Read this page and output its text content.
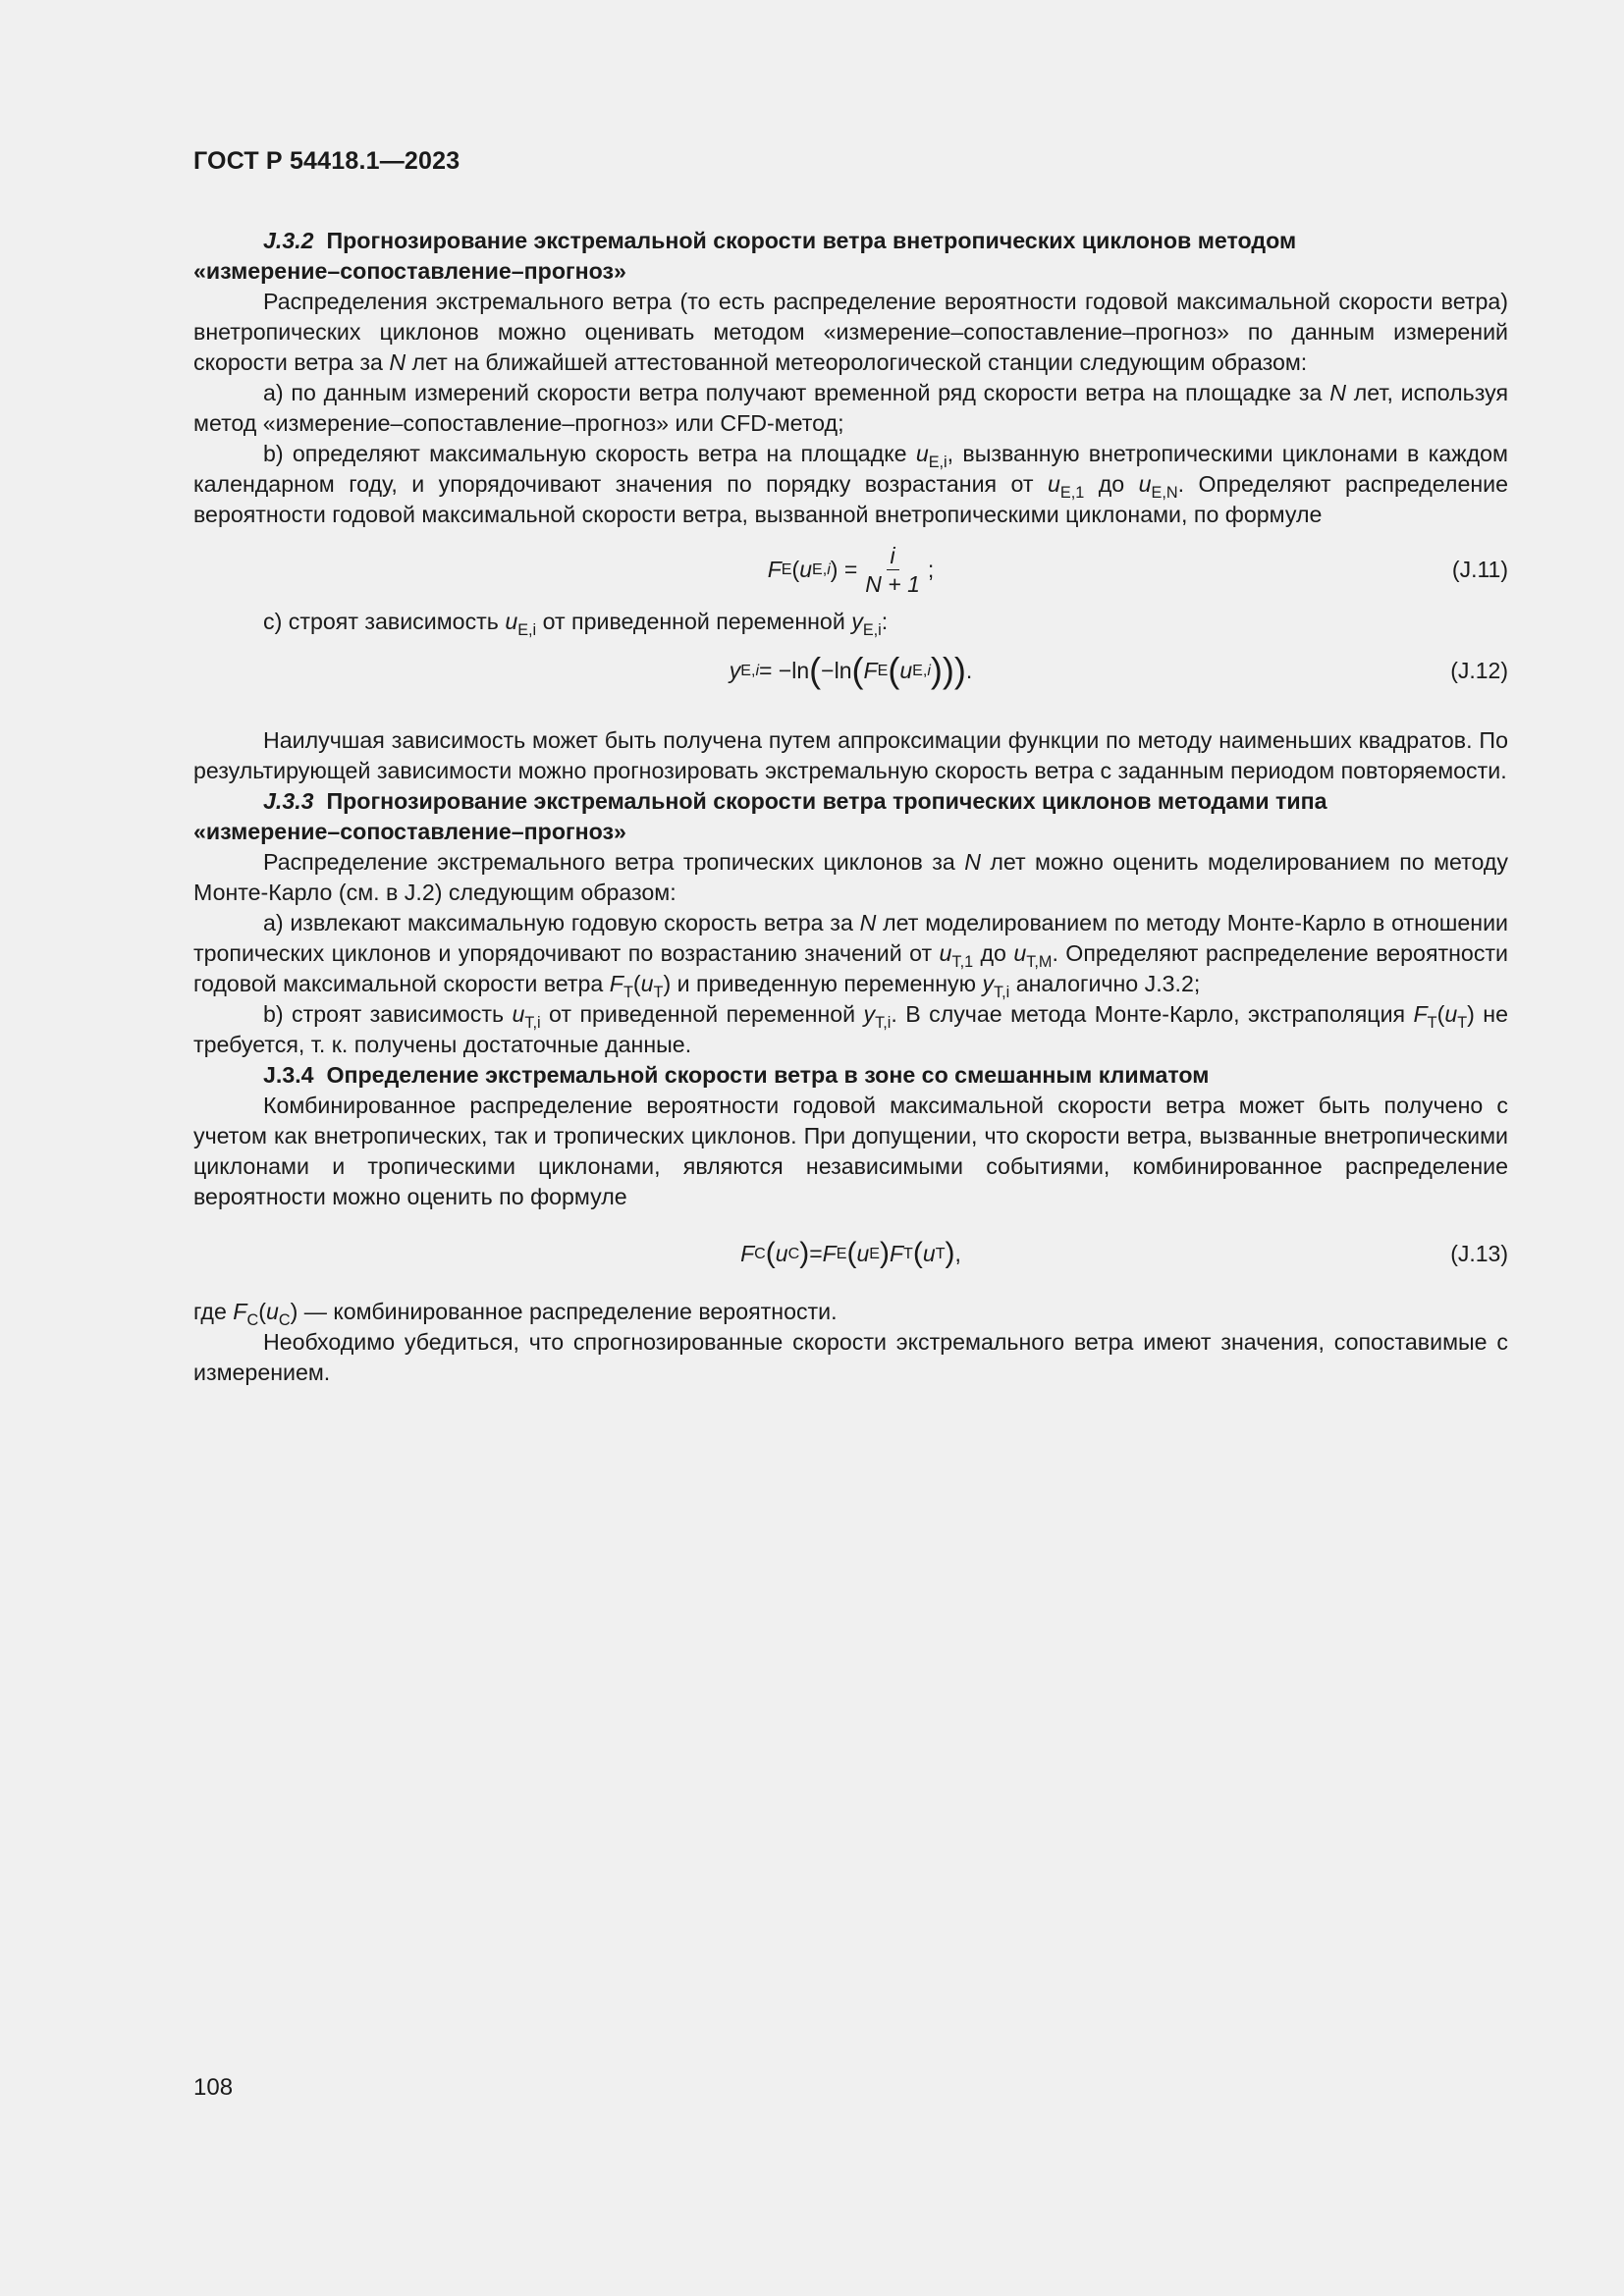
ГОСТ Р 54418.1—2023

J.3.2 Прогнозирование экстремальной скорости ветра внетропических циклонов методом

«измерение–сопоставление–прогноз»

Распределения экстремального ветра (то есть распределение вероятности годовой максимальной скорости ветра) внетропических циклонов можно оценивать методом «измерение–сопоставление–прогноз» по данным измерений скорости ветра за N лет на ближайшей аттестованной метеорологической станции следующим образом:

a) по данным измерений скорости ветра получают временной ряд скорости ветра на площадке за N лет, используя метод «измерение–сопоставление–прогноз» или CFD-метод;

b) определяют максимальную скорость ветра на площадке $u_{E,i}$, вызванную внетропическими циклонами в каждом календарном году, и упорядочивают значения по порядку возрастания от $u_{E,1}$ до $u_{E,N}$. Определяют распределение вероятности годовой максимальной скорости ветра, вызванной внетропическими циклонами, по формуле

F E ( u E,i ) = $\frac{i}{N + 1}$ ;	(J.11)

c) строят зависимость $u_{E,i}$ от приведенной переменной $y_{E,i}$:

y E,i = −ln ( −ln ( F E ( u E,i ))) .	(J.12)

Наилучшая зависимость может быть получена путем аппроксимации функции по методу наименьших квадратов. По результирующей зависимости можно прогнозировать экстремальную скорость ветра с заданным периодом повторяемости.

J.3.3 Прогнозирование экстремальной скорости ветра тропических циклонов методами типа

«измерение–сопоставление–прогноз»

Распределение экстремального ветра тропических циклонов за N лет можно оценить моделированием по методу Монте-Карло (см. в J.2) следующим образом:

a) извлекают максимальную годовую скорость ветра за N лет моделированием по методу Монте-Карло в отношении тропических циклонов и упорядочивают по возрастанию значений от $u_{T,1}$ до $u_{T,M}$. Определяют распределение вероятности годовой максимальной скорости ветра $F_T(u_T)$ и приведенную переменную $y_{T,i}$ аналогично J.3.2;

b) строят зависимость $u_{T,i}$ от приведенной переменной $y_{T,i}$. В случае метода Монте-Карло, экстраполяция $F_T(u_T)$ не требуется, т. к. получены достаточные данные.

J.3.4 Определение экстремальной скорости ветра в зоне со смешанным климатом

Комбинированное распределение вероятности годовой максимальной скорости ветра может быть получено с учетом как внетропических, так и тропических циклонов. При допущении, что скорости ветра, вызванные внетропическими циклонами и тропическими циклонами, являются независимыми событиями, комбинированное распределение вероятности можно оценить по формуле

F C ( u C ) = F E ( u E ) F T ( u T ) ,	(J.13)

где $F_C(u_C)$ — комбинированное распределение вероятности.

Необходимо убедиться, что спрогнозированные скорости экстремального ветра имеют значения, сопоставимые с измерением.

108
